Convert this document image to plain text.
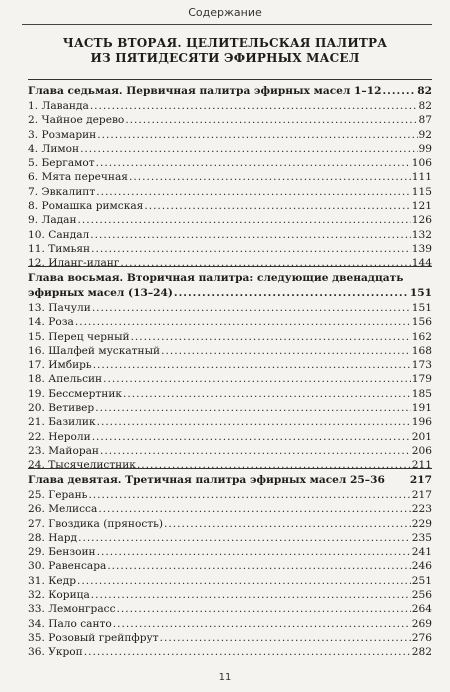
Содержание
ЧАСТЬ ВТОРАЯ. ЦЕЛИТЕЛЬСКАЯ ПАЛИТРА
ИЗ ПЯТИДЕСЯТИ ЭФИРНЫХ МАСЕЛ
Глава седьмая. Первичная палитра эфирных масел 1–12 .....	82
1. Лаванда .....	82
2. Чайное дерево .....	87
3. Розмарин .....	92
4. Лимон .....	99
5. Бергамот .....	106
6. Мята перечная .....	111
7. Эвкалипт .....	115
8. Ромашка римская .....	121
9. Ладан .....	126
10. Сандал .....	132
11. Тимьян .....	139
12. Иланг-иланг .....	144
Глава восьмая. Вторичная палитра: следующие двенадцать
эфирных масел (13–24) .....	151
13. Пачули .....	151
14. Роза .....	156
15. Перец черный .....	162
16. Шалфей мускатный .....	168
17. Имбирь .....	173
18. Апельсин .....	179
19. Бессмертник .....	185
20. Ветивер .....	191
21. Базилик .....	196
22. Нероли .....	201
23. Майоран .....	206
24. Тысячелистник .....	211
Глава девятая. Третичная палитра эфирных масел 25–36 217
25. Герань .....	217
26. Мелисса .....	223
27. Гвоздика (пряность) .....	229
28. Нард .....	235
29. Бензоин .....	241
30. Равенсара .....	246
31. Кедр .....	251
32. Корица .....	256
33. Лемонграсс .....	264
34. Пало санто .....	269
35. Розовый грейпфрут .....	276
36. Укроп .....	282
11
